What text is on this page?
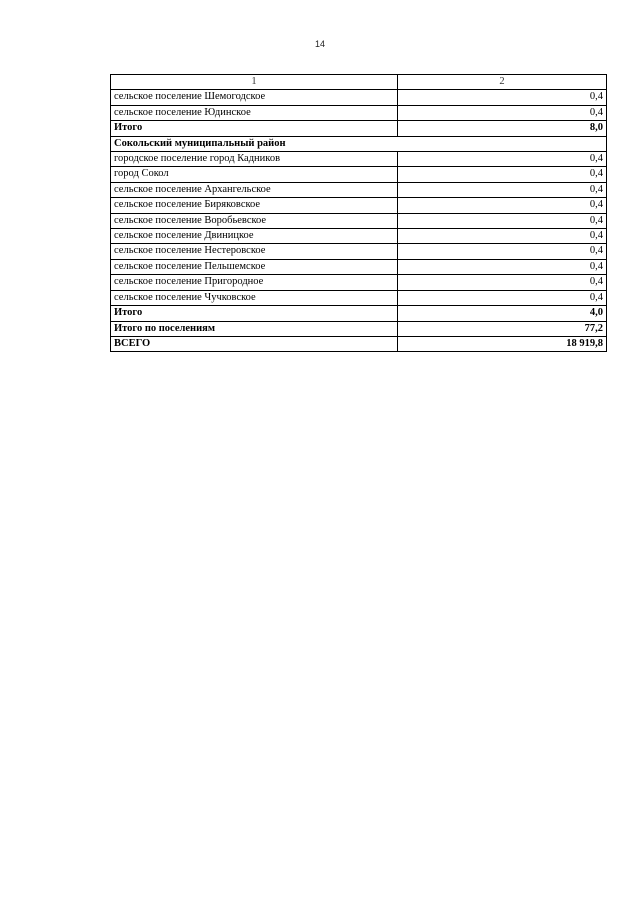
14
1	2
сельское поселение Шемогодское	0,4
сельское поселение Юдинское	0,4
Итого	8,0
Сокольский муниципальный район	
городское поселение город Кадников	0,4
город Сокол	0,4
сельское поселение Архангельское	0,4
сельское поселение Биряковское	0,4
сельское поселение Воробьевское	0,4
сельское поселение Двиницкое	0,4
сельское поселение Нестеровское	0,4
сельское поселение Пельшемское	0,4
сельское поселение Пригородное	0,4
сельское поселение Чучковское	0,4
Итого	4,0
Итого по поселениям	77,2
ВСЕГО	18 919,8
